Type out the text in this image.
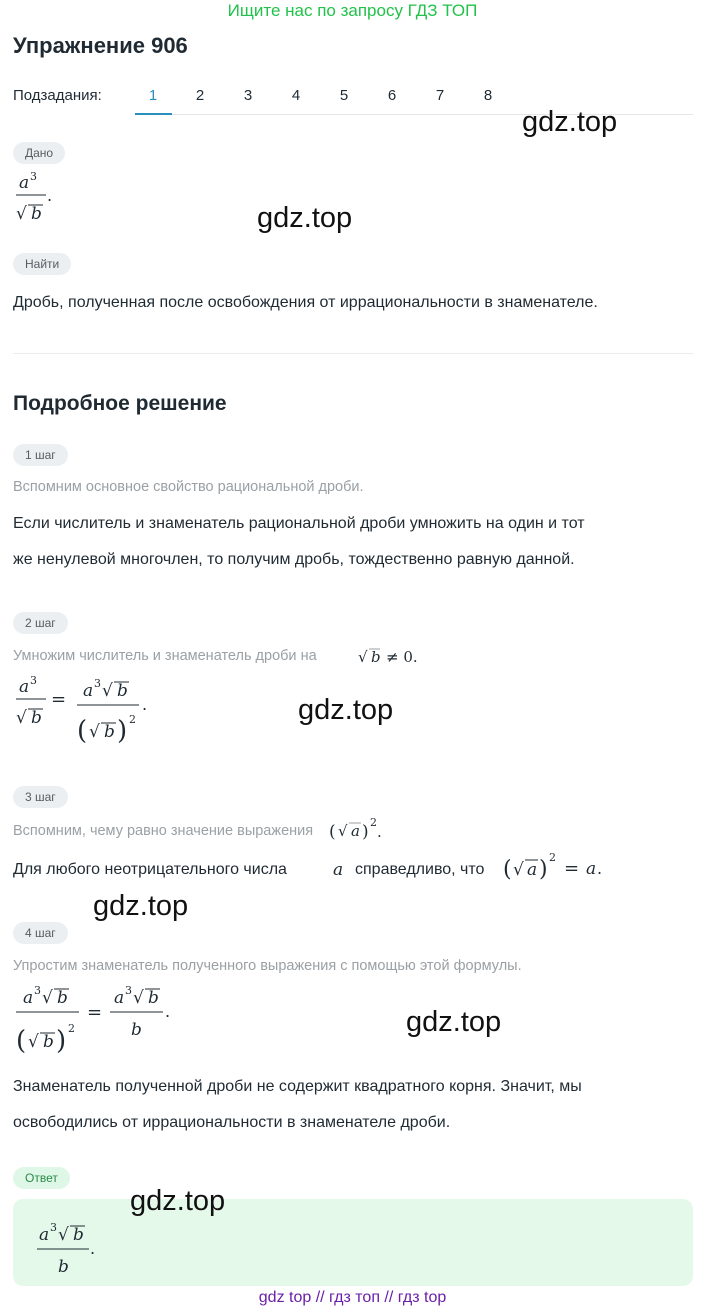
Ищите нас по запросу ГДЗ ТОП
Упражнение 906
Подзадания:	1	2	3	4	5	6	7	8
gdz.top
gdz.top
gdz.top
gdz.top
gdz.top
Дано
a 3
√ b
.
Найти
Дробь, полученная после освобождения от иррациональности в знаменателе.
Подробное решение
1 шаг
Вспомним основное свойство рациональной дроби.
Если числитель и знаменатель рациональной дроби умножить на один и тот
же ненулевой многочлен, то получим дробь, тождественно равную данной.
2 шаг
Умножим числитель и знаменатель дроби на	√ b ≠ 0.
a 3
√ b
= a 3 √ b
( √ b ) 2
.
3 шаг
Вспомним, чему равно значение выражения ( √ a ) 2
.
Для любого неотрицательного числа	a справедливо, что ( √ a ) 2
= a .
4 шаг
Упростим знаменатель полученного выражения с помощью этой формулы.
a 3 √ b
( √ b ) 2
=
a 3 √ b
b
.
Знаменатель полученной дроби не содержит квадратного корня. Значит, мы
освободились от иррациональности в знаменателе дроби.
Ответ
gdz.top
a 3 √ b
b
.
gdz top // гдз топ // гдз top
